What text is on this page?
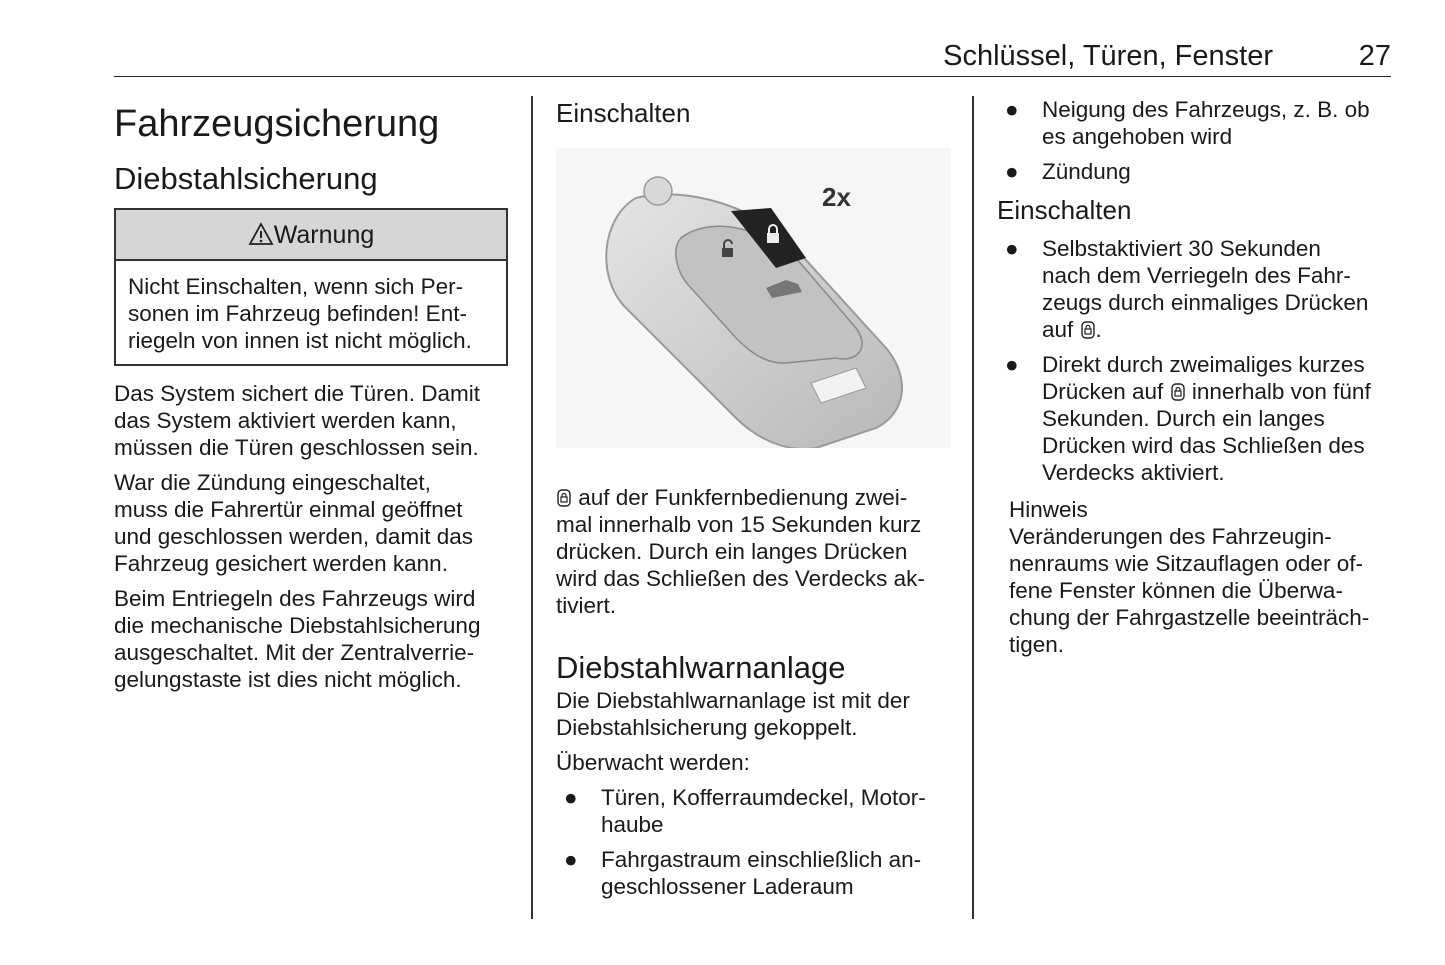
Schlüssel, Türen, Fenster	27
Fahrzeugsicherung
Diebstahlsicherung
Warnung
Nicht Einschalten, wenn sich Per-
sonen im Fahrzeug befinden! Ent-
riegeln von innen ist nicht möglich.

Das System sichert die Türen. Damit
das System aktiviert werden kann,
müssen die Türen geschlossen sein.

War die Zündung eingeschaltet,
muss die Fahrertür einmal geöffnet
und geschlossen werden, damit das
Fahrzeug gesichert werden kann.

Beim Entriegeln des Fahrzeugs wird
die mechanische Diebstahlsicherung
ausgeschaltet. Mit der Zentralverrie-
gelungstaste ist dies nicht möglich.

Einschalten
2x

auf der Funkfernbedienung zwei-
mal innerhalb von 15 Sekunden kurz
drücken. Durch ein langes Drücken
wird das Schließen des Verdecks ak-
tiviert.

Diebstahlwarnanlage

Die Diebstahlwarnanlage ist mit der
Diebstahlsicherung gekoppelt.

Überwacht werden:

● Türen, Kofferraumdeckel, Motor-
haube
● Fahrgastraum einschließlich an-
geschlossener Laderaum
● Neigung des Fahrzeugs, z. B. ob
es angehoben wird
● Zündung
Einschalten
● Selbstaktiviert 30 Sekunden
nach dem Verriegeln des Fahr-
zeugs durch einmaliges Drücken
auf .
● Direkt durch zweimaliges kurzes
Drücken auf  innerhalb von fünf
Sekunden. Durch ein langes
Drücken wird das Schließen des
Verdecks aktiviert.
Hinweis
Veränderungen des Fahrzeugin-
nenraums wie Sitzauflagen oder of-
fene Fenster können die Überwa-
chung der Fahrgastzelle beeinträch-
tigen.
